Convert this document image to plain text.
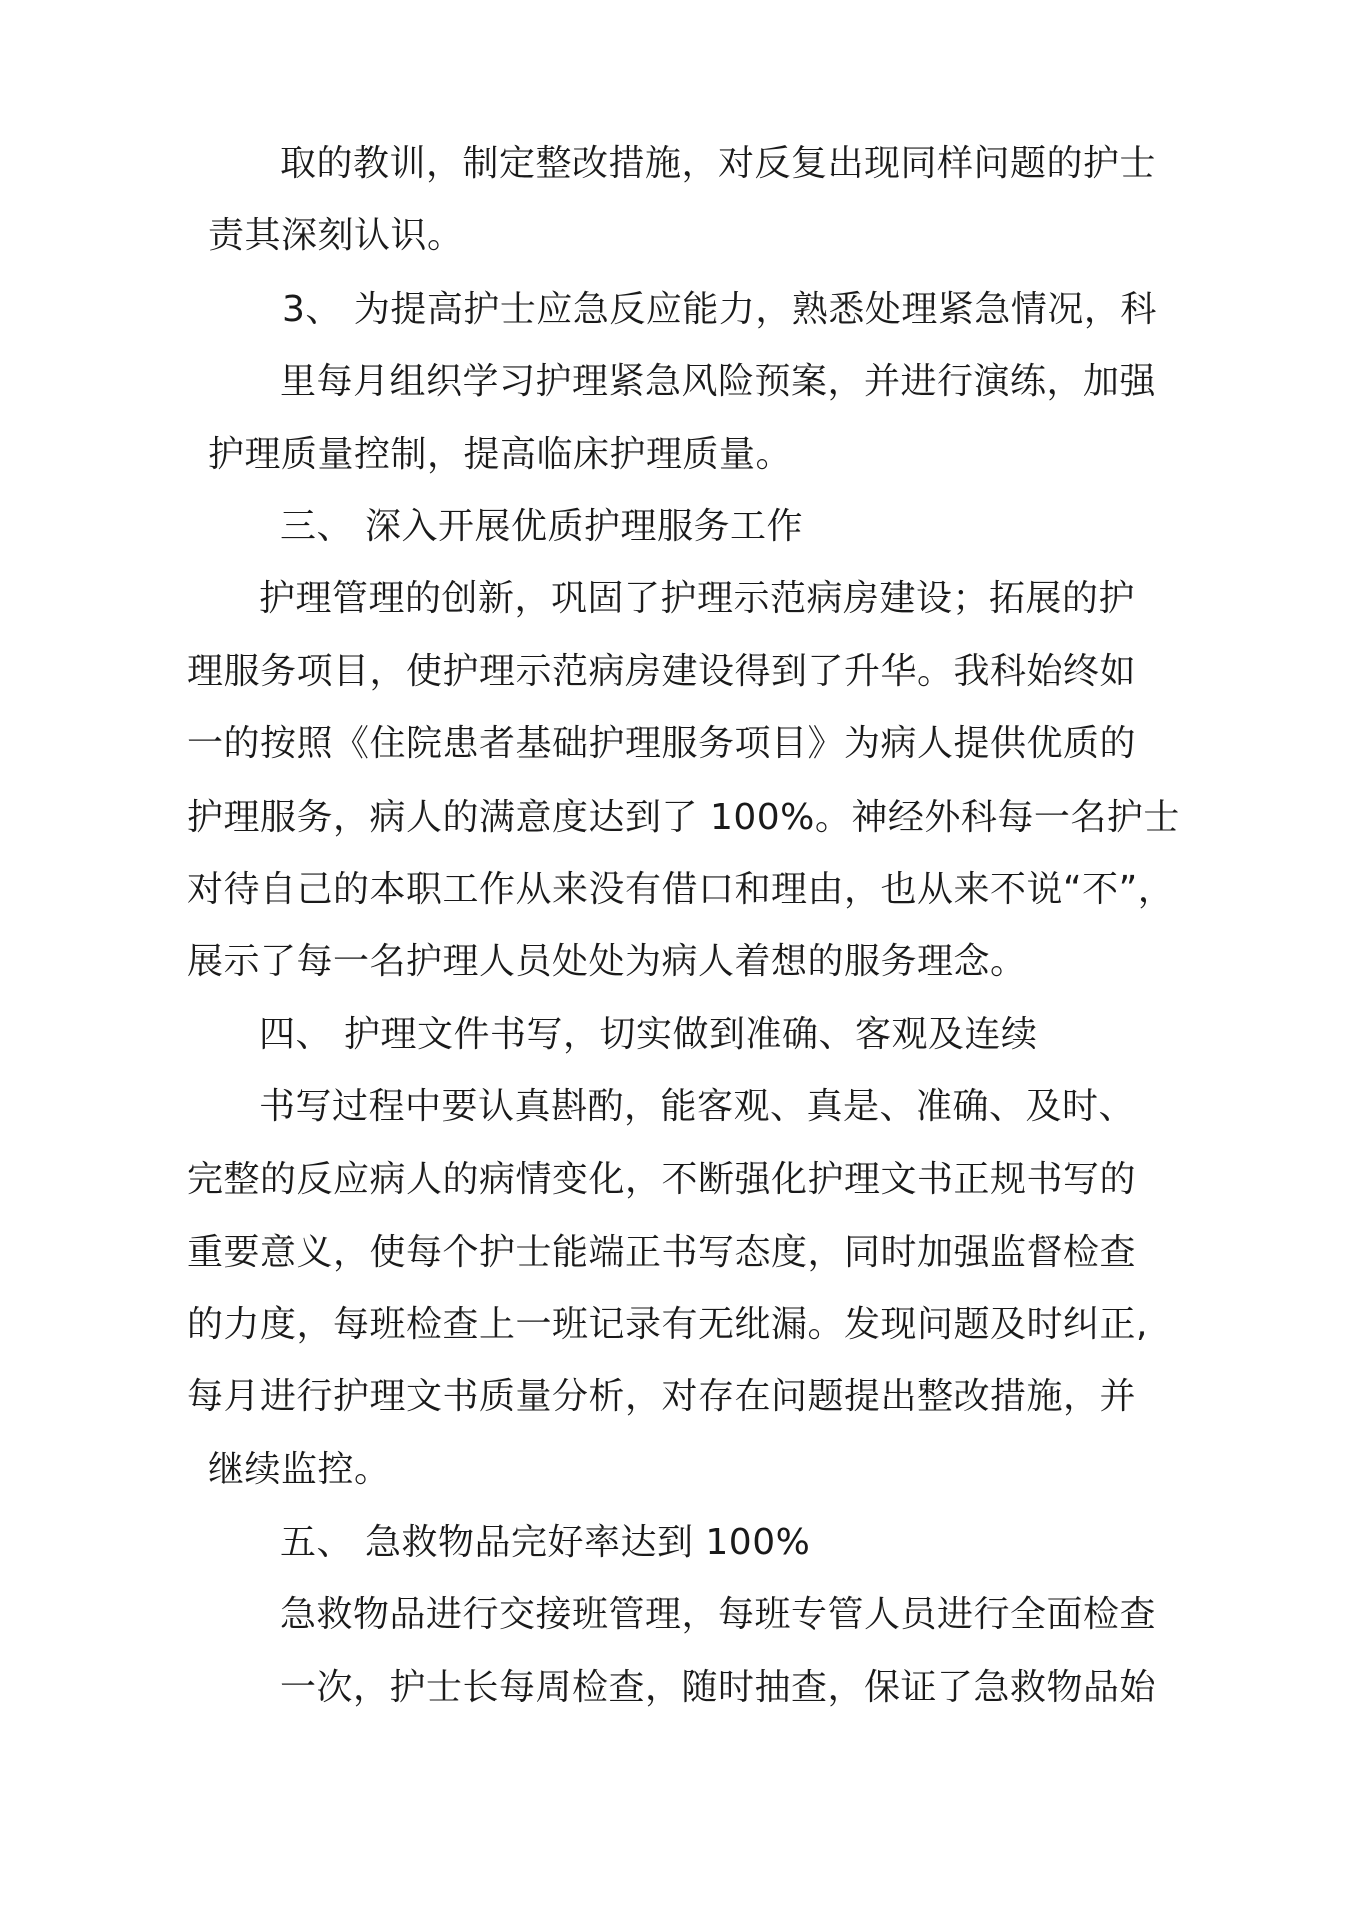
取的教训，制定整改措施，对反复出现同样问题的护士

责其深刻认识。

3、 为提高护士应急反应能力，熟悉处理紧急情况，科

里每月组织学习护理紧急风险预案，并进行演练，加强

护理质量控制，提高临床护理质量。

三、 深入开展优质护理服务工作

护理管理的创新，巩固了护理示范病房建设；拓展的护

理服务项目，使护理示范病房建设得到了升华。我科始终如

一的按照《住院患者基础护理服务项目》为病人提供优质的

护理服务，病人的满意度达到了 100%。神经外科每一名护士

对待自己的本职工作从来没有借口和理由，也从来不说“不”，

展示了每一名护理人员处处为病人着想的服务理念。

四、 护理文件书写，切实做到准确、客观及连续

书写过程中要认真斟酌，能客观、真是、准确、及时、

完整的反应病人的病情变化，不断强化护理文书正规书写的

重要意义，使每个护士能端正书写态度，同时加强监督检查

的力度，每班检查上一班记录有无纰漏。发现问题及时纠正,

每月进行护理文书质量分析，对存在问题提出整改措施，并

继续监控。

五、 急救物品完好率达到 100%

急救物品进行交接班管理，每班专管人员进行全面检查

一次，护士长每周检查，随时抽查，保证了急救物品始
